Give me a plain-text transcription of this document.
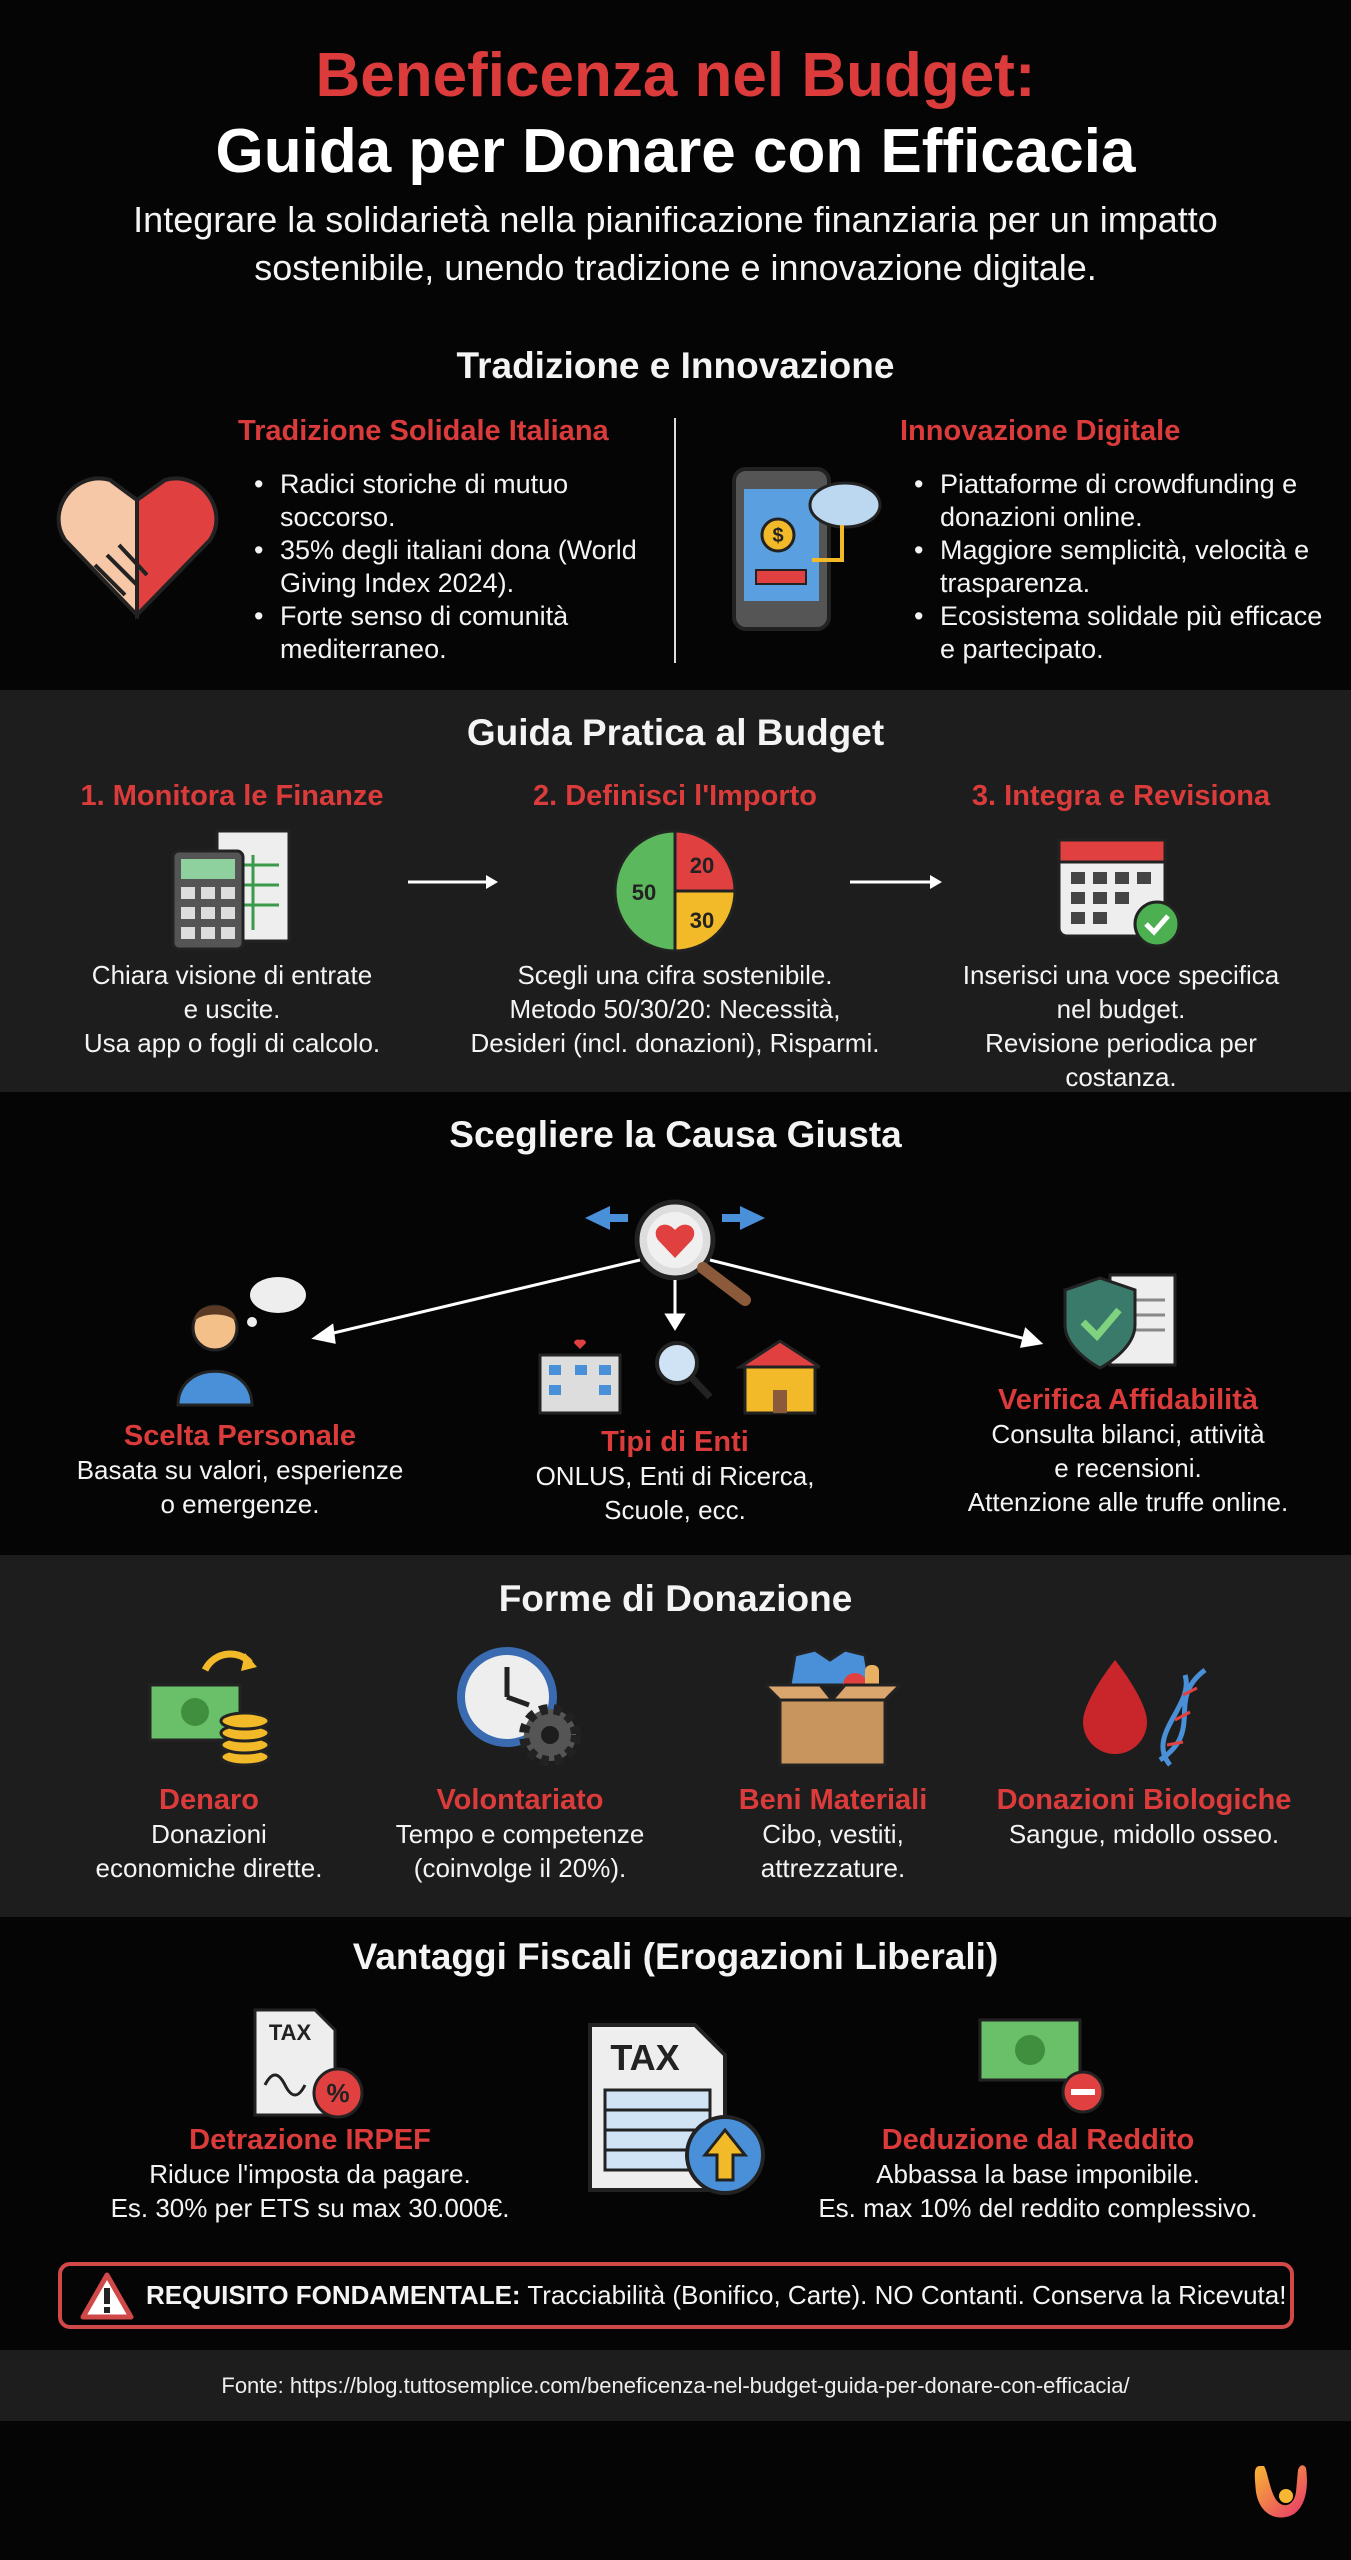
Beneficenza nel Budget:
Guida per Donare con Efficacia
Integrare la solidarietà nella pianificazione finanziaria per un impatto sostenibile, unendo tradizione e innovazione digitale.
Tradizione e Innovazione
Tradizione Solidale Italiana	Innovazione Digitale
• Radici storiche di mutuo soccorso.
• 35% degli italiani dona (World Giving Index 2024).
• Forte senso di comunità mediterraneo.
$
• Piattaforme di crowdfunding e donazioni online.
• Maggiore semplicità, velocità e trasparenza.
• Ecosistema solidale più efficace e partecipato.
Guida Pratica al Budget
1. Monitora le Finanze	2. Definisci l'Importo	3. Integra e Revisiona
50
30
20
Chiara visione di entrate
e uscite.
Usa app o fogli di calcolo.
Scegli una cifra sostenibile.
Metodo 50/30/20: Necessità,
Desideri (incl. donazioni), Risparmi.
Inserisci una voce specifica
nel budget.
Revisione periodica per
costanza.
Scegliere la Causa Giusta
Scelta Personale
Basata su valori, esperienze
o emergenze.
Tipi di Enti
ONLUS, Enti di Ricerca,
Scuole, ecc.
Verifica Affidabilità
Consulta bilanci, attività
e recensioni.
Attenzione alle truffe online.
Forme di Donazione
Denaro
Donazioni
economiche dirette.
Volontariato
Tempo e competenze
(coinvolge il 20%).
Beni Materiali
Cibo, vestiti,
attrezzature.
Donazioni Biologiche
Sangue, midollo osseo.
Vantaggi Fiscali (Erogazioni Liberali)
TAX
%
TAX
Detrazione IRPEF
Riduce l'imposta da pagare.
Es. 30% per ETS su max 30.000€.
Deduzione dal Reddito
Abbassa la base imponibile.
Es. max 10% del reddito complessivo.
REQUISITO FONDAMENTALE: Tracciabilità (Bonifico, Carte). NO Contanti. Conserva la Ricevuta!
Fonte: https://blog.tuttosemplice.com/beneficenza-nel-budget-guida-per-donare-con-efficacia/
